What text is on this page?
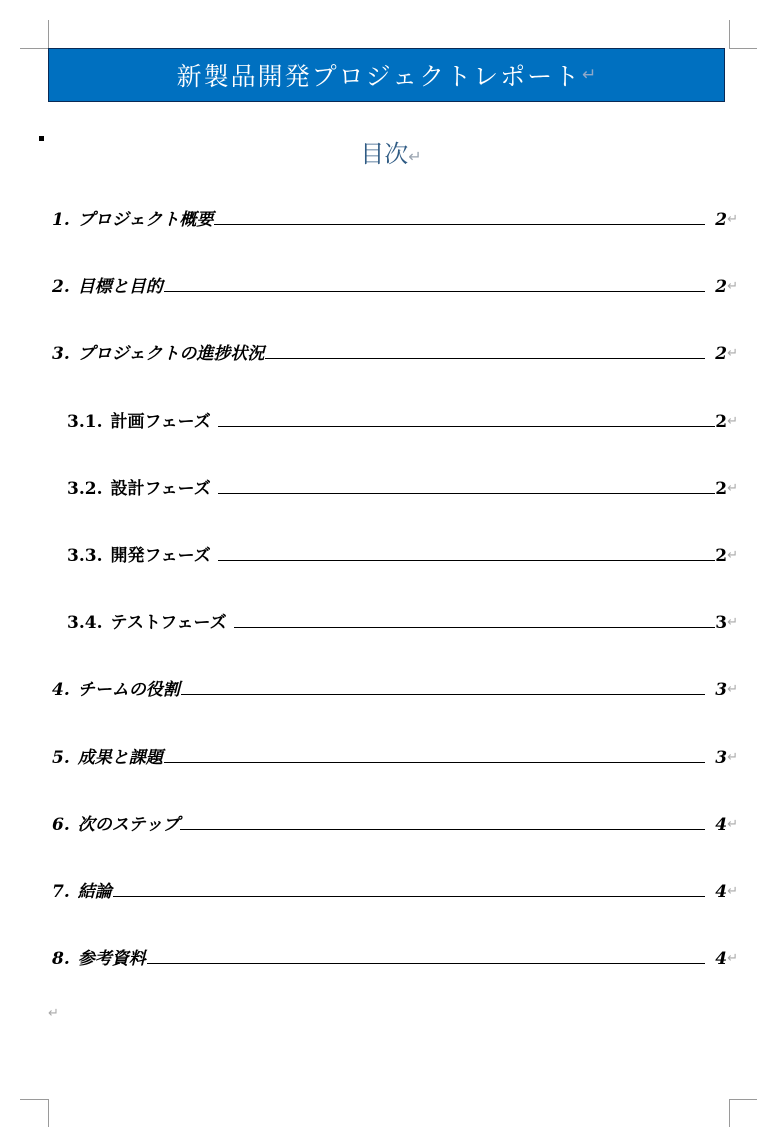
新製品開発プロジェクトレポート ↵
目次↵
1. プロジェクト概要	2 ↵
2. 目標と目的	2 ↵
3. プロジェクトの進捗状況	2 ↵
3.1. 計画フェーズ	2 ↵
3.2. 設計フェーズ	2 ↵
3.3. 開発フェーズ	2 ↵
3.4. テストフェーズ	3 ↵
4. チームの役割	3 ↵
5. 成果と課題	3 ↵
6. 次のステップ	4 ↵
7. 結論	4 ↵
8. 参考資料	4 ↵
↵
